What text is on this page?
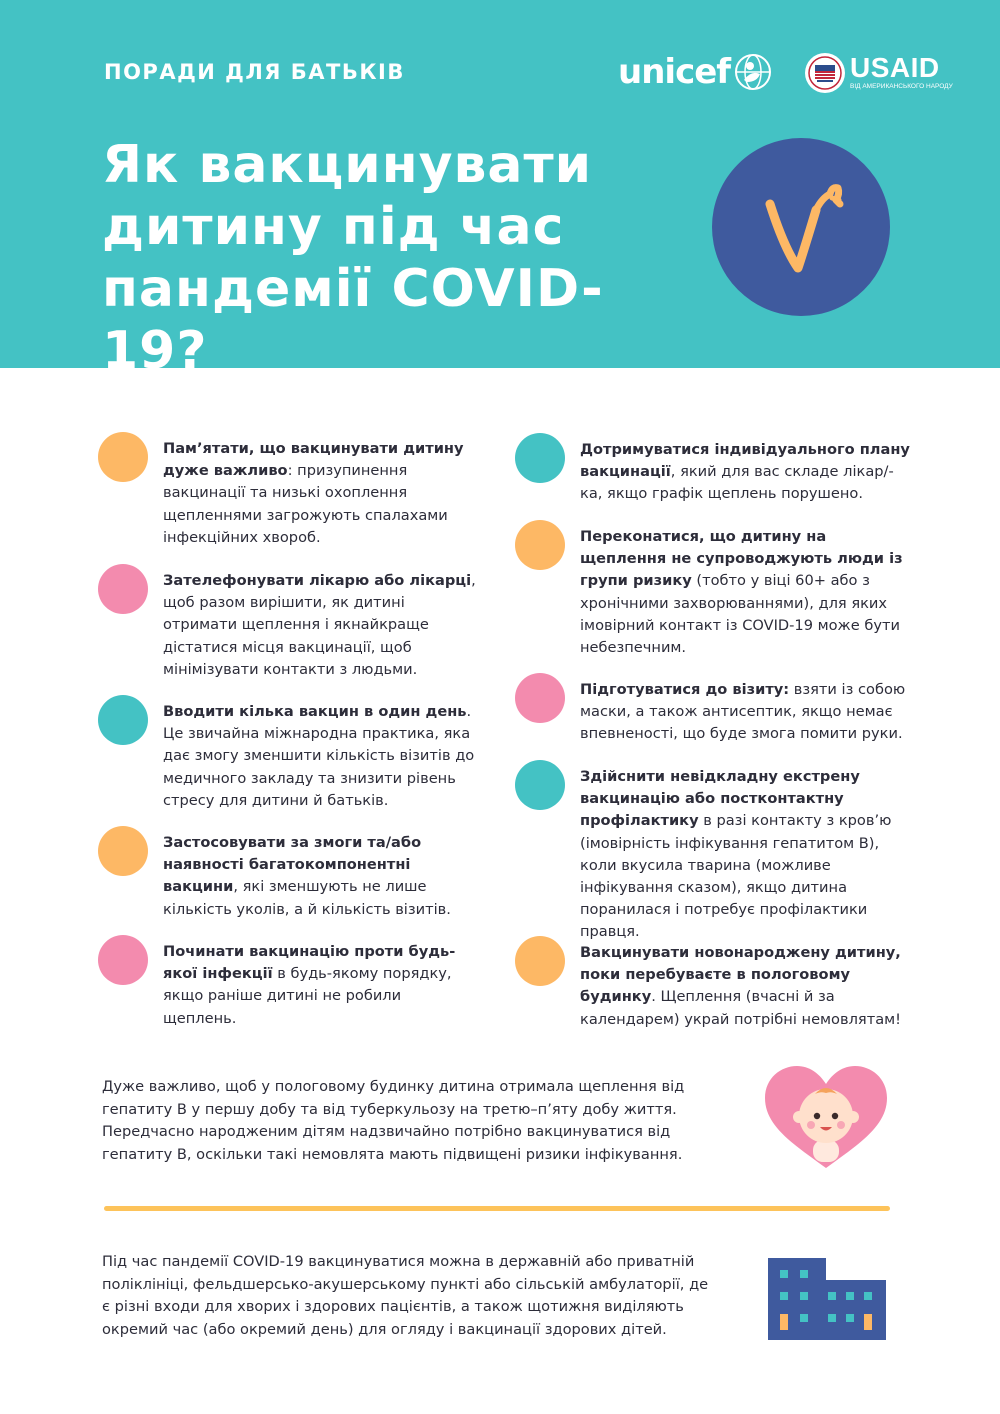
ПОРАДИ ДЛЯ БАТЬКІВ	unicef	USAID
ВІД АМЕРИКАНСЬКОГО НАРОДУ
Як вакцинувати дитину під час пандемії COVID-19?
Пам’ятати, що вакцинувати дитину дуже важливо: призупинення вакцинації та низькі охоплення щепленнями загрожують спалахами інфекційних хвороб.
Зателефонувати лікарю або лікарці, щоб разом вирішити, як дитині отримати щеплення і якнайкраще дістатися місця вакцинації, щоб мінімізувати контакти з людьми.
Вводити кілька вакцин в один день. Це звичайна міжнародна практика, яка дає змогу зменшити кількість візитів до медичного закладу та знизити рівень стресу для дитини й батьків.
Застосовувати за змоги та/або наявності багатокомпонентні вакцини, які зменшують не лише кількість уколів, а й кількість візитів.
Починати вакцинацію проти будь-якої інфекції в будь-якому порядку, якщо раніше дитині не робили щеплень.
Дотримуватися індивідуального плану вакцинації, який для вас складе лікар/-ка, якщо графік щеплень порушено.
Переконатися, що дитину на щеплення не супроводжують люди із групи ризику (тобто у віці 60+ або з хронічними захворюваннями), для яких імовірний контакт із COVID-19 може бути небезпечним.
Підготуватися до візиту: взяти із собою маски, а також антисептик, якщо немає впевненості, що буде змога помити руки.
Здійснити невідкладну екстрену вакцинацію або постконтактну профілактику в разі контакту з кров’ю (імовірність інфікування гепатитом В), коли вкусила тварина (можливе інфікування сказом), якщо дитина поранилася і потребує профілактики правця.
Вакцинувати новонароджену дитину, поки перебуваєте в пологовому будинку. Щеплення (вчасні й за календарем) украй потрібні немовлятам!
Дуже важливо, щоб у пологовому будинку дитина отримала щеплення від гепатиту В у першу добу та від туберкульозу на третю–п’яту добу життя. Передчасно народженим дітям надзвичайно потрібно вакцинуватися від гепатиту В, оскільки такі немовлята мають підвищені ризики інфікування.
Під час пандемії COVID-19 вакцинуватися можна в державній або приватній поліклініці, фельдшерсько-акушерському пункті або сільській амбулаторії, де є різні входи для хворих і здорових пацієнтів, а також щотижня виділяють окремий час (або окремий день) для огляду і вакцинації здорових дітей.
